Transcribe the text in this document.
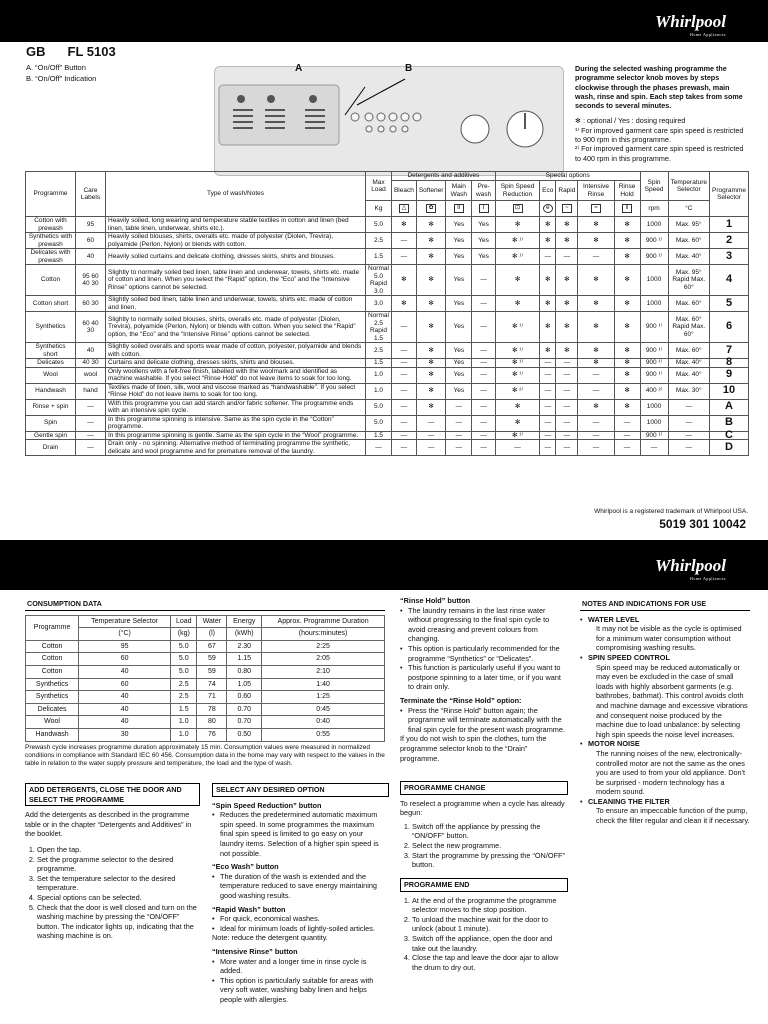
Whirlpool
Home Appliances
GB FL 5103
A. “On/Off” Button
B. “On/Off” Indication
A	B	During the selected washing programme the programme selector knob moves by steps clockwise through the phases prewash, main wash, rinse and spin. Each step takes from some seconds to several minutes.

✻ : optional / Yes : dosing required

¹⁾ For improved garment care spin speed is restricted to 900 rpm in this programme.

²⁾ For improved garment care spin speed is restricted to 400 rpm in this programme.

Programme	Care Labels	Type of wash/Notes	Max Load	Detergents and additives				Special options					Spin Speed	Temperature Selector	Programme Selector
				Bleach	Softener	Main Wash	Pre-wash	Spin Speed Reduction	Eco	Rapid	Intensive Rinse	Rinse Hold			
			Kg	△	✿	II	I	⊡	e	~	≈	‖	rpm	°C	
Cotton with prewash	95	Heavily soiled, long wearing and temperature stable textiles in cotton and linen (bed linen, table linen, underwear, shirts etc.).	5.0	✻	✻	Yes	Yes	✻	✻	✻	✻	✻	1000	Max. 95°	1
Synthetics with prewash	60	Heavily soiled blouses, shirts, overalls etc. made of polyester (Diolen, Trevira), polyamide (Perlon, Nylon) or blends with cotton.	2.5	—	✻	Yes	Yes	✻ ¹⁾	✻	✻	✻	✻	900 ¹⁾	Max. 60°	2
Delicates with prewash	40	Heavily soiled curtains and delicate clothing, dresses skirts, shirts and blouses.	1.5	—	✻	Yes	Yes	✻ ¹⁾	—	—	—	✻	900 ¹⁾	Max. 40°	3
Cotton	95 60 40 30	Slightly to normally soiled bed linen, table linen and underwear, towels, shirts etc. made of cotton and linen. When you select the “Rapid” option, the “Eco” and the “Intensive Rinse” options cannot be selected.	Normal 5.0 Rapid 3.0	✻	✻	Yes	—	✻	✻	✻	✻	✻	1000	Max. 95° Rapid Max. 60°	4
Cotton short	60 30	Slightly soiled bed linen, table linen and underwear, towels, shirts etc. made of cotton and linen.	3.0	✻	✻	Yes	—	✻	✻	✻	✻	✻	1000	Max. 60°	5
Synthetics	60 40 30	Slightly to normally soiled blouses, shirts, overalls etc. made of polyester (Diolen, Trevira), polyamide (Perlon, Nylon) or blends with cotton. When you select the “Rapid” option, the “Eco” and the “Intensive Rinse” options cannot be selected.	Normal 2.5 Rapid 1.5	—	✻	Yes	—	✻ ¹⁾	✻	✻	✻	✻	900 ¹⁾	Max. 60° Rapid Max. 60°	6
Synthetics short	40	Slightly soiled overalls and sports wear made of cotton, polyester, polyamide and blends with cotton.	2.5	—	✻	Yes	—	✻ ¹⁾	✻	✻	✻	✻	900 ¹⁾	Max. 60°	7
Delicates	40 30	Curtains and delicate clothing, dresses skirts, shirts and blouses.	1.5	—	✻	Yes	—	✻ ¹⁾	—	—	✻	✻	900 ¹⁾	Max. 40°	8
Wool	wool	Only woollens with a felt-free finish, labelled with the woolmark and identified as machine washable. If you select “Rinse Hold” do not leave items to soak for too long.	1.0	—	✻	Yes	—	✻ ¹⁾	—	—	—	✻	900 ¹⁾	Max. 40°	9
Handwash	hand	Textiles made of linen, silk, wool and viscose marked as “handwashable”. If you select “Rinse Hold” do not leave items to soak for too long.	1.0	—	✻	Yes	—	✻ ²⁾	—	—	—	✻	400 ²⁾	Max. 30°	10
Rinse + spin	—	With this programme you can add starch and/or fabric softener. The programme ends with an intensive spin cycle.	5.0	—	✻	—	—	✻	—	—	✻	✻	1000	—	A
Spin	—	In this programme spinning is intensive. Same as the spin cycle in the “Cotton” programme.	5.0	—	—	—	—	✻	—	—	—	—	1000	—	B
Gentle spin	—	In this programme spinning is gentle. Same as the spin cycle in the “Wool” programme.	1.5	—	—	—	—	✻ ¹⁾	—	—	—	—	900 ¹⁾	—	C
Drain	—	Drain only - no spinning. Alternative method of terminating programme the synthetic, delicate and wool programme and for premature removal of the laundry.	—	—	—	—	—	—	—	—	—	—	—	—	D
Whirlpool is a registered trademark of Whirlpool USA.
5019 301 10042
Whirlpool
Home Appliances
CONSUMPTION DATA
Programme	Temperature Selector	Load	Water	Energy	Approx. Programme Duration
	(°C)	(kg)	(l)	(kWh)	(hours:minutes)
Cotton	95	5.0	67	2.30	2:25
Cotton	60	5.0	59	1.15	2:05
Cotton	40	5.0	59	0.80	2:10
Synthetics	60	2.5	74	1.05	1:40
Synthetics	40	2.5	71	0.60	1:25
Delicates	40	1.5	78	0.70	0:45
Wool	40	1.0	80	0.70	0:40
Handwash	30	1.0	76	0.50	0:55

Prewash cycle increases programme duration approximately 15 min. Consumption values were measured in normalized conditions in compliance with Standard IEC 60 456. Consumption data in the home may vary with respect to the values in the table in relation to the water supply pressure and temperature, the load and the type of wash.

ADD DETERGENTS, CLOSE THE DOOR AND SELECT THE PROGRAMME

Add the detergents as described in the programme table or in the chapter “Detergents and Additives” in the booklet.

1. Open the tap.
2. Set the programme selector to the desired programme.
3. Set the temperature selector to the desired temperature.
4. Special options can be selected.
5. Check that the door is well closed and turn on the washing machine by pressing the “ON/OFF” button. The indicator lights up, indicating that the washing machine is on.
SELECT ANY DESIRED OPTION
“Spin Speed Reduction” button
• Reduces the predetermined automatic maximum spin speed. In some programmes the maximum final spin speed is limited to go easy on your laundry items. Selection of a higher spin speed is not possible.
“Eco Wash” button
• The duration of the wash is extended and the temperature reduced to save energy maintaining good washing results.
“Rapid Wash” button
• For quick, economical washes.
• Ideal for minimum loads of lightly-soiled articles.

Note: reduce the detergent quantity.

“Intensive Rinse” button
• More water and a longer time in rinse cycle is added.
• This option is particularly suitable for areas with very soft water, washing baby linen and helps people with allergies.
“Rinse Hold” button
• The laundry remains in the last rinse water without progressing to the final spin cycle to avoid creasing and prevent colours from changing.
• This option is particularly recommended for the programme “Synthetics” or “Delicates”.
• This function is particularly useful if you want to postpone spinning to a later time, or if you want to drain only.
Terminate the “Rinse Hold” option:
• Press the “Rinse Hold” button again; the programme will terminate automatically with the final spin cycle for the present wash programme.

If you do not wish to spin the clothes, turn the programme selector knob to the “Drain” programme.

PROGRAMME CHANGE

To reselect a programme when a cycle has already begun:

1. Switch off the appliance by pressing the “ON/OFF” button.
2. Select the new programme.
3. Start the programme by pressing the “ON/OFF” button.
PROGRAMME END
1. At the end of the programme the programme selector moves to the stop position.
2. To unload the machine wait for the door to unlock (about 1 minute).
3. Switch off the appliance, open the door and take out the laundry.
4. Close the tap and leave the door ajar to allow the drum to dry out.
NOTES AND INDICATIONS FOR USE
• WATER LEVEL
It may not be visible as the cycle is optimised for a minimum water consumption without compromising washing results.
• SPIN SPEED CONTROL
Spin speed may be reduced automatically or may even be excluded in the case of small loads with highly absorbent garments (e.g. bathrobes, bathmat). This control avoids cloth and machine damage and excessive vibrations and consequent noise produced by the machine due to load unbalance: by selecting high spin speeds the noise level increases.
• MOTOR NOISE
The running noises of the new, electronically-controlled motor are not the same as the ones you are used to from your old appliance. Don't be surprised - modern technology has a modern sound.
• CLEANING THE FILTER
To ensure an impeccable function of the pump, check the filter regular and clean it if necessary.
